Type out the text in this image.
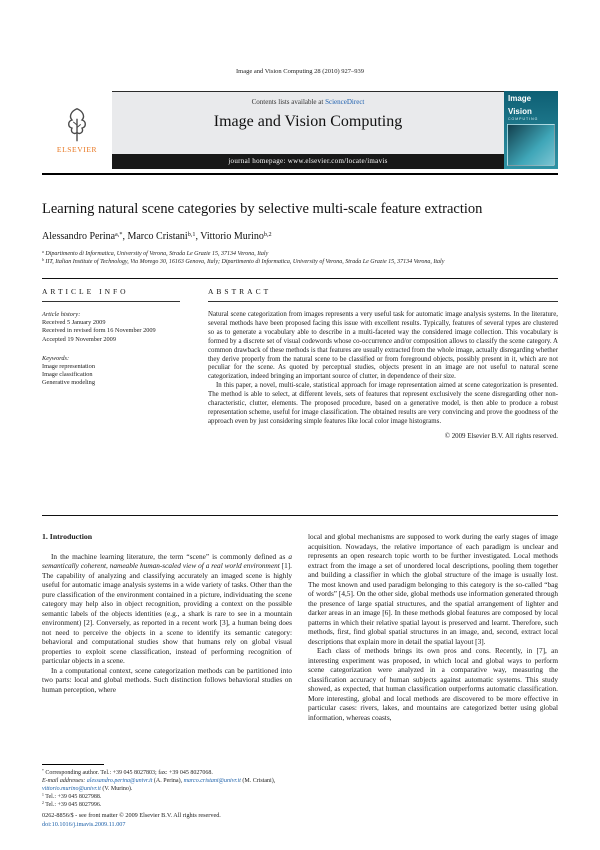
Image and Vision Computing 28 (2010) 927–939
ELSEVIER
Contents lists available at ScienceDirect
Image and Vision Computing
journal homepage: www.elsevier.com/locate/imavis
Image
Vision
COMPUTING
Learning natural scene categories by selective multi-scale feature extraction
Alessandro Perina$^{a,*}$, Marco Cristani$^{b,1}$, Vittorio Murino$^{b,2}$
$^a$ Dipartimento di Informatica, University of Verona, Strada Le Grazie 15, 37134 Verona, Italy
$^b$ IIT, Italian Institute of Technology, Via Morego 30, 16163 Genova, Italy; Dipartimento di Informatica, University of Verona, Strada Le Grazie 15, 37134 Verona, Italy
ARTICLE INFO
Article history:
Received 5 January 2009
Received in revised form 16 November 2009
Accepted 19 November 2009
Keywords:
Image representation
Image classification
Generative modeling
ABSTRACT

Natural scene categorization from images represents a very useful task for automatic image analysis systems. In the literature, several methods have been proposed facing this issue with excellent results. Typically, features of several types are clustered so as to generate a vocabulary able to describe in a multi-faceted way the considered image collection. This vocabulary is formed by a discrete set of visual codewords whose co-occurrence and/or composition allows to classify the scene category. A common drawback of these methods is that features are usually extracted from the whole image, actually disregarding whether they derive properly from the natural scene to be classified or from foreground objects, possibly present in it, which are not peculiar for the scene. As quoted by perceptual studies, objects present in an image are not useful to natural scene categorization, indeed bringing an important source of clutter, in dependence of their size.

In this paper, a novel, multi-scale, statistical approach for image representation aimed at scene categorization is presented. The method is able to select, at different levels, sets of features that represent exclusively the scene disregarding other non-characteristic, clutter, elements. The proposed procedure, based on a generative model, is then able to produce a robust representation scheme, useful for image classification. The obtained results are very convincing and prove the goodness of the approach even by just considering simple features like local color image histograms.

© 2009 Elsevier B.V. All rights reserved.
1. Introduction

In the machine learning literature, the term “scene” is commonly defined as a semantically coherent, nameable human-scaled view of a real world environment [1]. The capability of analyzing and classifying accurately an imaged scene is highly useful for automatic image analysis systems in a wide variety of tasks. Other than the pure classification of the environment contained in a picture, individuating the scene category may help also in object recognition, providing a context on the possible semantic labels of the objects identities (e.g., a shark is rare to see in a mountain environment) [2]. Conversely, as reported in a recent work [3], a human being does not need to perceive the objects in a scene to identify its semantic category: behavioral and computational studies show that humans rely on global visual properties to exploit scene classification, instead of performing recognition of particular objects in a scene.

In a computational context, scene categorization methods can be partitioned into two parts: local and global methods. Such distinction follows behavioral studies on human perception, where

local and global mechanisms are supposed to work during the early stages of image acquisition. Nowadays, the relative importance of each paradigm is unclear and represents an open research topic worth to be further investigated. Local methods extract from the image a set of unordered local descriptions, pooling them together and building a classifier in which the global structure of the image is usually lost. The most known and used paradigm belonging to this category is the so-called “bag of words” [4,5]. On the other side, global methods use information generated through the presence of large spatial structures, and the spatial arrangement of lighter and darker areas in an image [6]. In these methods global features are composed by local patterns in which their relative spatial layout is preserved and learnt. Therefore, such methods, first, find global spatial structures in an image, and, second, extract local descriptions that explain more in detail the spatial layout [3].

Each class of methods brings its own pros and cons. Recently, in [7], an interesting experiment was proposed, in which local and global ways to perform scene categorization were analyzed in a comparative way, measuring the classification accuracy of human subjects against automatic systems. This study showed, as expected, that human classification outperforms automatic classification. More interesting, global and local methods are discovered to be more effective in particular cases: rivers, lakes, and mountains are categorized better using global information, whereas coasts,

* Corresponding author. Tel.: +39 045 8027803; fax: +39 045 8027068.
E-mail addresses: alessandro.perina@univr.it (A. Perina), marco.cristani@univr.it (M. Cristani), vittorio.murino@univr.it (V. Murino).
$^1$ Tel.: +39 045 8027988.
$^2$ Tel.: +39 045 8027996.
0262-8856/$ - see front matter © 2009 Elsevier B.V. All rights reserved.
doi:10.1016/j.imavis.2009.11.007
